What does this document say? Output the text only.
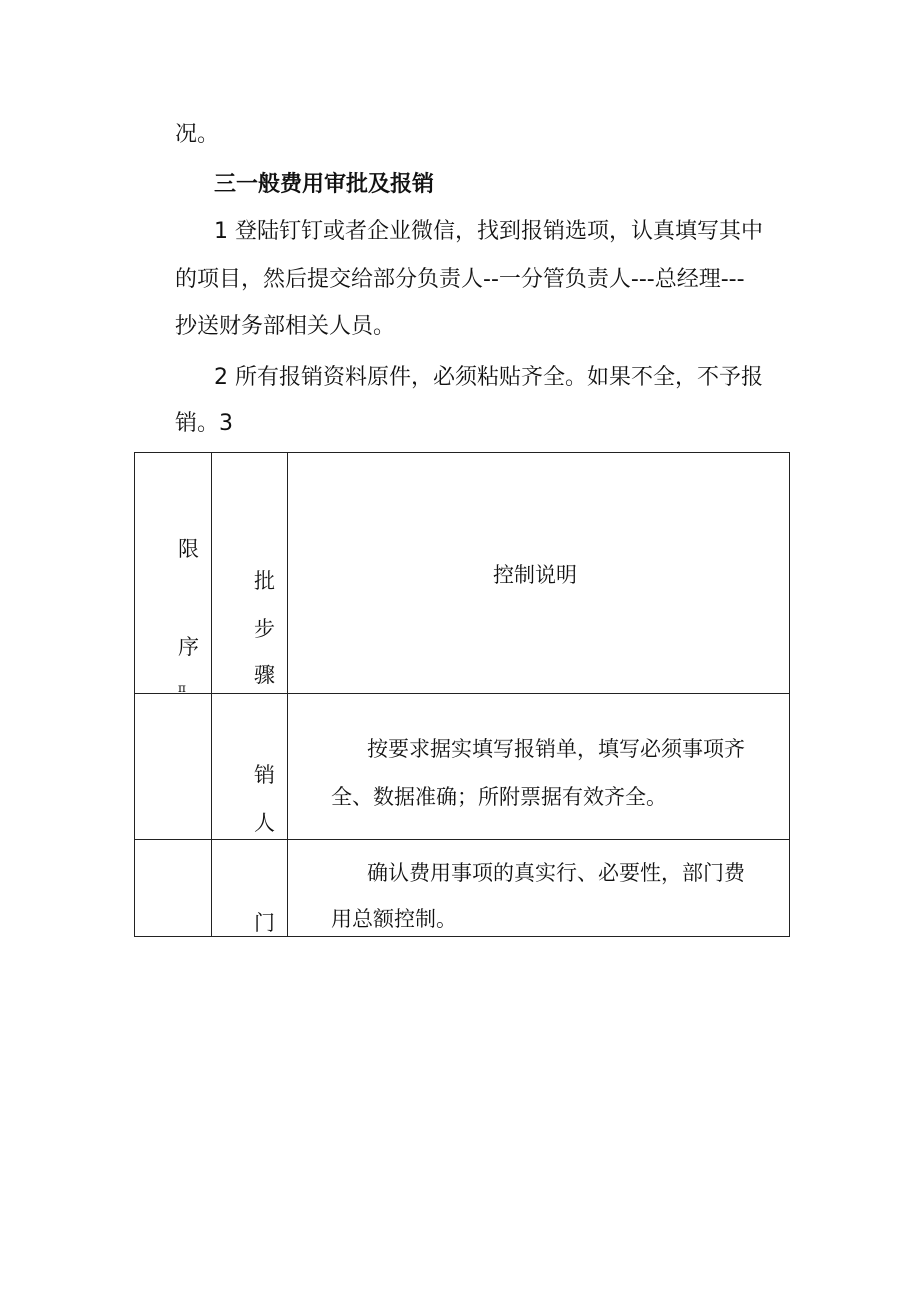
况。
三一般费用审批及报销
1 登陆钉钉或者企业微信，找到报销选项，认真填写其中
的项目，然后提交给部分负责人--一分管负责人---总经理---
抄送财务部相关人员。
2 所有报销资料原件，必须粘贴齐全。如果不全，不予报
销。3
限
序
π
批
步
骤
控制说明
销
人
按要求据实填写报销单，填写必须事项齐
全、数据准确；所附票据有效齐全。
门
确认费用事项的真实行、必要性，部门费
用总额控制。
